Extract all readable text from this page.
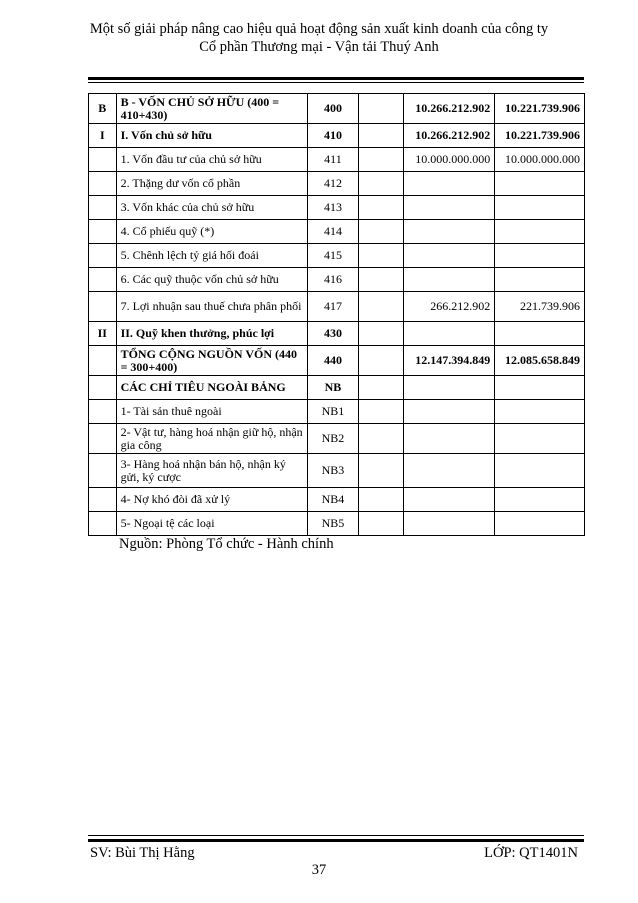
Một số giải pháp nâng cao hiệu quả hoạt động sản xuất kinh doanh của công ty
Cổ phần Thương mại - Vận tải Thuý Anh
B	B - VỐN CHỦ SỞ HỮU (400 = 410+430)	400		10.266.212.902	10.221.739.906
I	I. Vốn chủ sở hữu	410		10.266.212.902	10.221.739.906
	1. Vốn đầu tư của chủ sở hữu	411		10.000.000.000	10.000.000.000
	2. Thặng dư vốn cổ phần	412			
	3. Vốn khác của chủ sở hữu	413			
	4. Cổ phiếu quỹ (*)	414			
	5. Chênh lệch tỷ giá hối đoái	415			
	6. Các quỹ thuộc vốn chủ sở hữu	416			
	7. Lợi nhuận sau thuế chưa phân phối	417		266.212.902	221.739.906
II	II. Quỹ khen thưởng, phúc lợi	430			
	TỔNG CỘNG NGUỒN VỐN (440 = 300+400)	440		12.147.394.849	12.085.658.849
	CÁC CHỈ TIÊU NGOÀI BẢNG	NB			
	1- Tài sản thuê ngoài	NB1			
	2- Vật tư, hàng hoá nhận giữ hộ, nhận gia công	NB2			
	3- Hàng hoá nhận bán hộ, nhận ký gửi, ký cược	NB3			
	4- Nợ khó đòi đã xử lý	NB4			
	5- Ngoại tệ các loại	NB5			
Nguồn: Phòng Tổ chức - Hành chính
SV: Bùi Thị Hằng	LỚP: QT1401N
37
